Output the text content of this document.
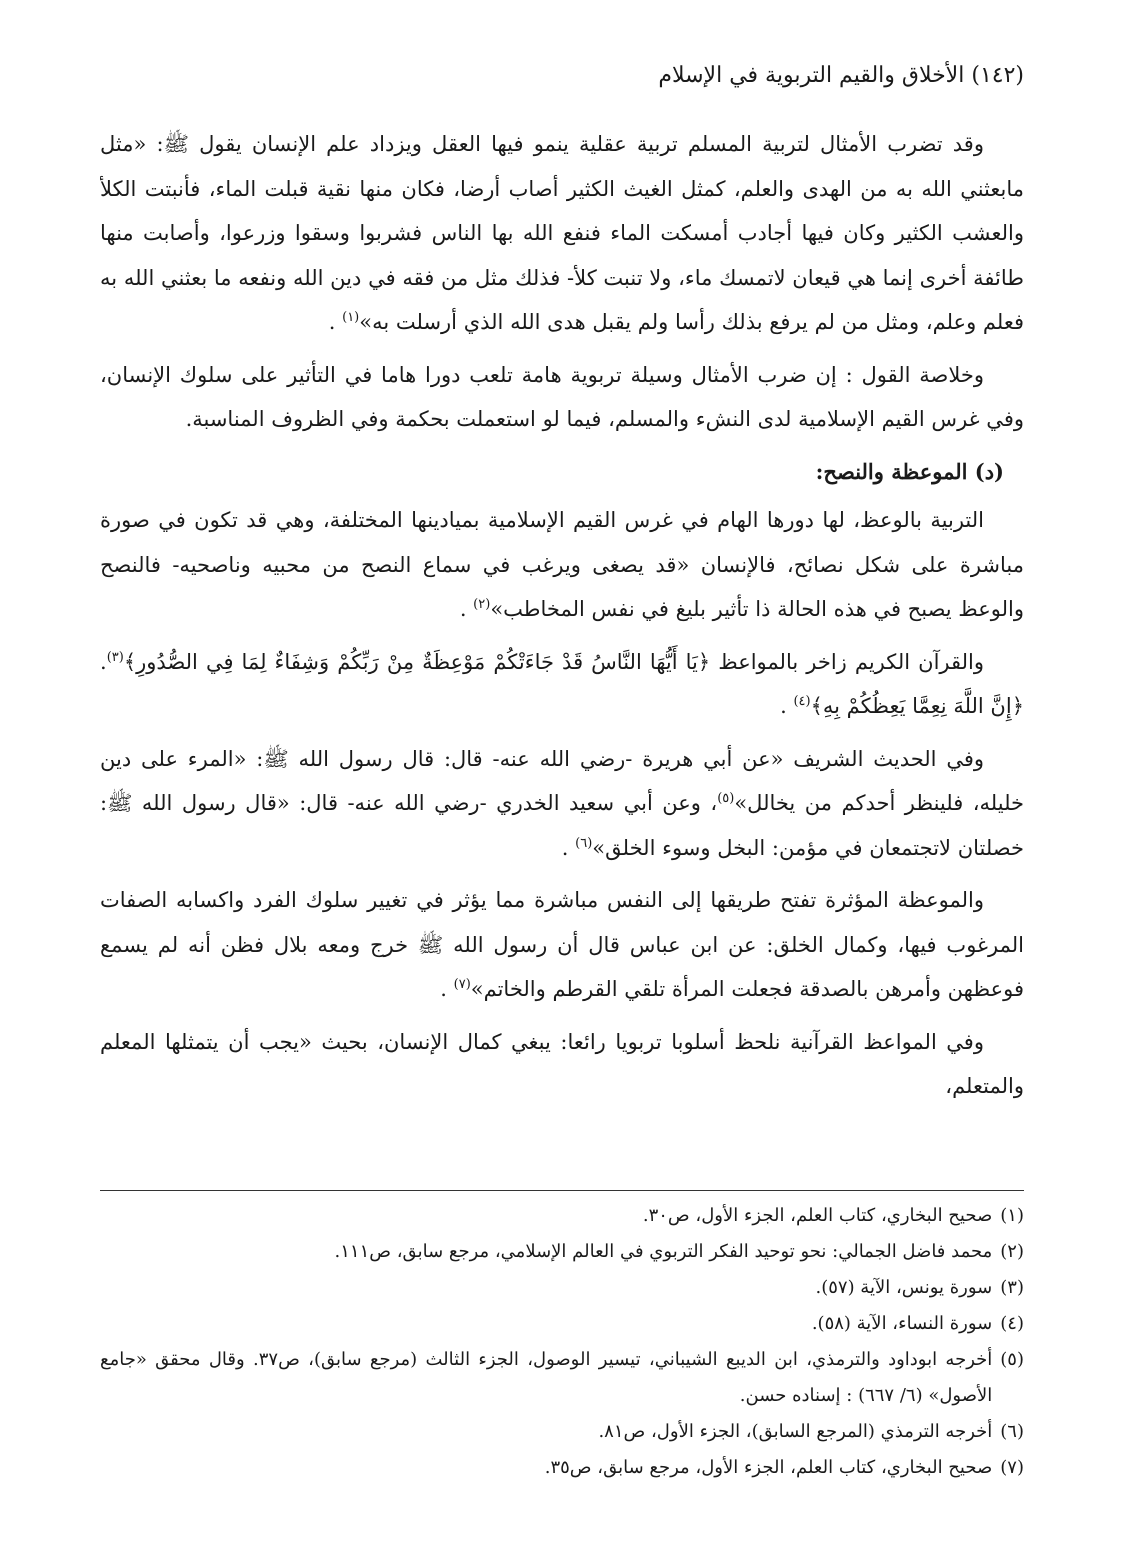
(١٤٢) الأخلاق والقيم التربوية في الإسلام

وقد تضرب الأمثال لتربية المسلم تربية عقلية ينمو فيها العقل ويزداد علم الإنسان يقول ﷺ: «مثل مابعثني الله به من الهدى والعلم، كمثل الغيث الكثير أصاب أرضا، فكان منها نقية قبلت الماء، فأنبتت الكلأ والعشب الكثير وكان فيها أجادب أمسكت الماء فنفع الله بها الناس فشربوا وسقوا وزرعوا، وأصابت منها طائفة أخرى إنما هي قيعان لاتمسك ماء، ولا تنبت كلأ- فذلك مثل من فقه في دين الله ونفعه ما بعثني الله به فعلم وعلم، ومثل من لم يرفع بذلك رأسا ولم يقبل هدى الله الذي أرسلت به»$^{(١)}$ .

وخلاصة القول : إن ضرب الأمثال وسيلة تربوية هامة تلعب دورا هاما في التأثير على سلوك الإنسان، وفي غرس القيم الإسلامية لدى النشء والمسلم، فيما لو استعملت بحكمة وفي الظروف المناسبة.

(د) الموعظة والنصح:

التربية بالوعظ، لها دورها الهام في غرس القيم الإسلامية بميادينها المختلفة، وهي قد تكون في صورة مباشرة على شكل نصائح، فالإنسان «قد يصغى ويرغب في سماع النصح من محبيه وناصحيه- فالنصح والوعظ يصبح في هذه الحالة ذا تأثير بليغ في نفس المخاطب»$^{(٢)}$ .

والقرآن الكريم زاخر بالمواعظ ﴿يَا أَيُّهَا النَّاسُ قَدْ جَاءَتْكُمْ مَوْعِظَةٌ مِنْ رَبِّكُمْ وَشِفَاءٌ لِمَا فِي الصُّدُورِ﴾$^{(٣)}$. ﴿إِنَّ اللَّهَ نِعِمَّا يَعِظُكُمْ بِهِ﴾$^{(٤)}$ .

وفي الحديث الشريف «عن أبي هريرة -رضي الله عنه- قال: قال رسول الله ﷺ: «المرء على دين خليله، فلينظر أحدكم من يخالل»$^{(٥)}$، وعن أبي سعيد الخدري -رضي الله عنه- قال: «قال رسول الله ﷺ: خصلتان لاتجتمعان في مؤمن: البخل وسوء الخلق»$^{(٦)}$ .

والموعظة المؤثرة تفتح طريقها إلى النفس مباشرة مما يؤثر في تغيير سلوك الفرد واكسابه الصفات المرغوب فيها، وكمال الخلق: عن ابن عباس قال أن رسول الله ﷺ خرج ومعه بلال فظن أنه لم يسمع فوعظهن وأمرهن بالصدقة فجعلت المرأة تلقي القرطم والخاتم»$^{(٧)}$ .

وفي المواعظ القرآنية نلحظ أسلوبا تربويا رائعا: يبغي كمال الإنسان، بحيث «يجب أن يتمثلها المعلم والمتعلم،

(١)
صحيح البخاري، كتاب العلم، الجزء الأول، ص٣٠.
(٢)
محمد فاضل الجمالي: نحو توحيد الفكر التربوي في العالم الإسلامي، مرجع سابق، ص١١١.
(٣)
سورة يونس، الآية (٥٧).
(٤)
سورة النساء، الآية (٥٨).
(٥)
أخرجه ابوداود والترمذي، ابن الديبع الشيباني، تيسير الوصول، الجزء الثالث (مرجع سابق)، ص٣٧. وقال محقق «جامع الأصول» (٦/ ٦٦٧) : إسناده حسن.
(٦)
أخرجه الترمذي (المرجع السابق)، الجزء الأول، ص٨١.
(٧)
صحيح البخاري، كتاب العلم، الجزء الأول، مرجع سابق، ص٣٥.
